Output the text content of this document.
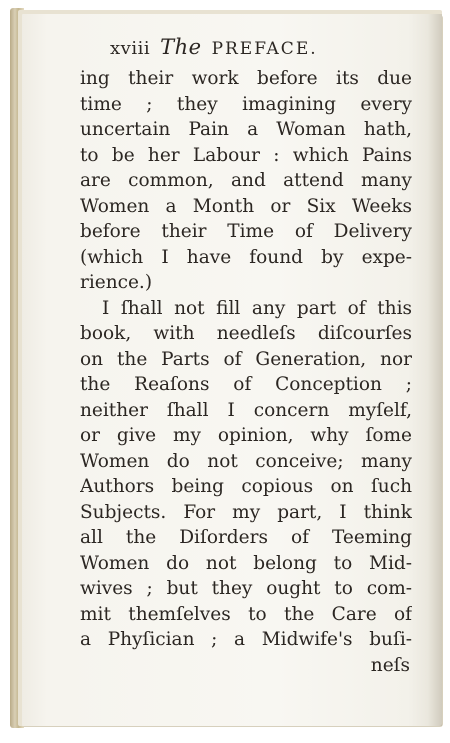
xviii The PREFACE.
ing their work before its due
time ; they imagining every
uncertain Pain a Woman hath,
to be her Labour : which Pains
are common, and attend many
Women a Month or Six Weeks
before their Time of Delivery
(which I have found by expe-
rience.)
I ſhall not fill any part of this
book, with needleſs diſcourſes
on the Parts of Generation, nor
the Reaſons of Conception ;
neither ſhall I concern myſelf,
or give my opinion, why ſome
Women do not conceive; many
Authors being copious on ſuch
Subjects. For my part, I think
all the Diſorders of Teeming
Women do not belong to Mid-
wives ; but they ought to com-
mit themſelves to the Care of
a Phyſician ; a Midwife's buſi-
neſs
